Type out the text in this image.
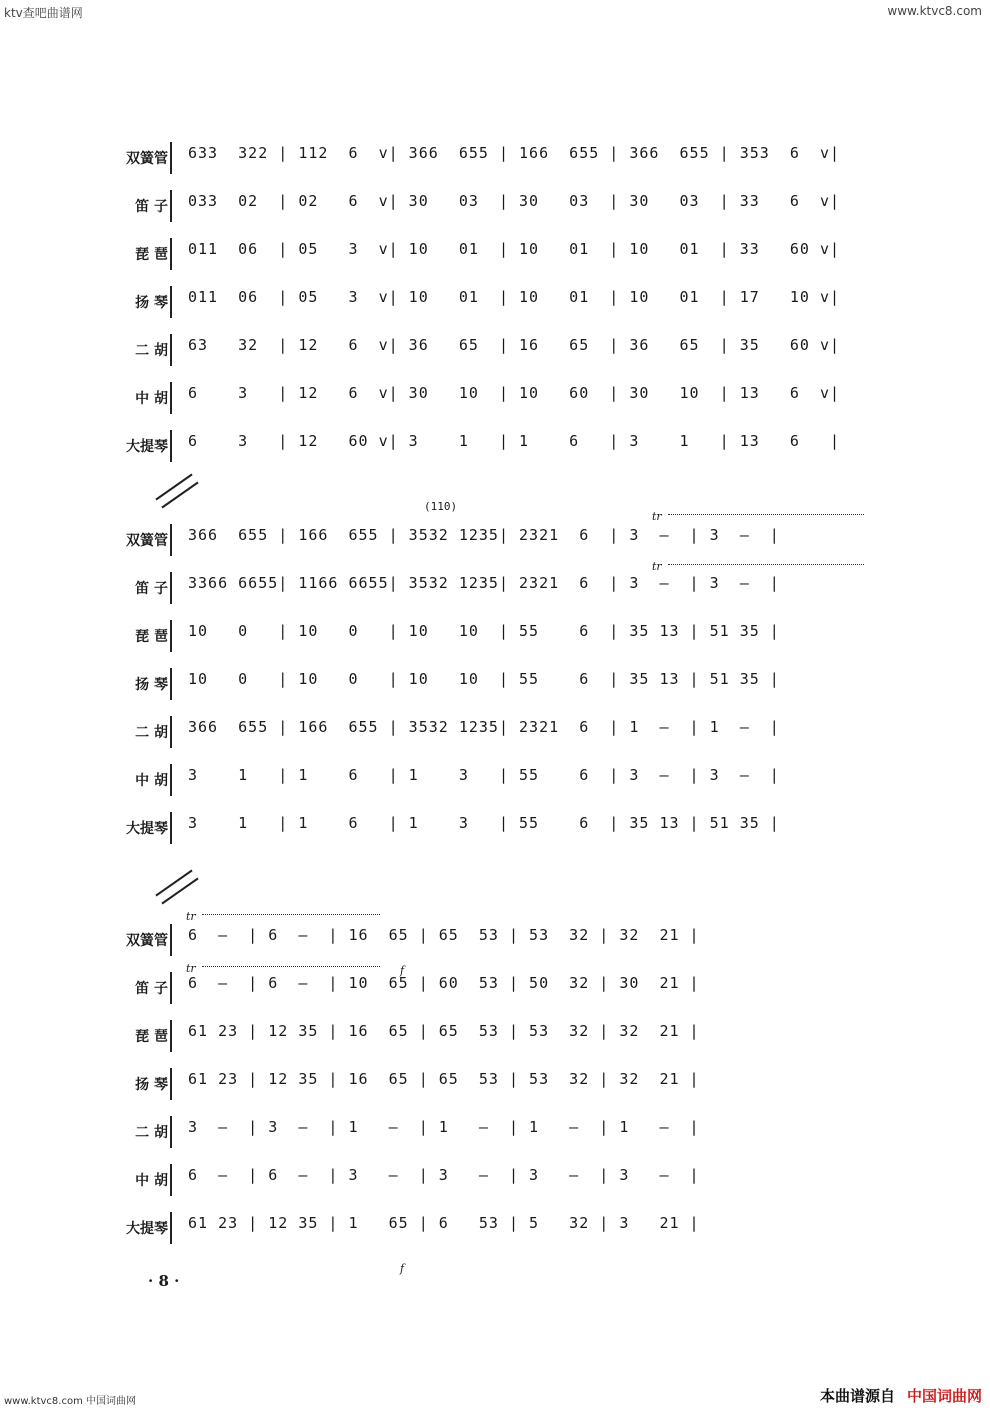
ktv查吧曲谱网	www.ktvc8.com
双簧管 633  322 | 112  6  v| 366  655 | 166  655 | 366  655 | 353  6  v|
笛 子 033  02  | 02   6  v| 30   03  | 30   03  | 30   03  | 33   6  v|
琵 琶 011  06  | 05   3  v| 10   01  | 10   01  | 10   01  | 33   60 v|
扬 琴 011  06  | 05   3  v| 10   01  | 10   01  | 10   01  | 17   10 v|
二 胡 63   32  | 12   6  v| 36   65  | 16   65  | 36   65  | 35   60 v|
中 胡 6    3   | 12   6  v| 30   10  | 10   60  | 30   10  | 13   6  v|
大提琴 6    3   | 12   60 v| 3    1   | 1    6   | 3    1   | 13   6   |
双簧管 366  655 | 166  655 | 3532 1235| 2321  6  | 3  —  | 3  —  |
笛 子 3366 6655| 1166 6655| 3532 1235| 2321  6  | 3  —  | 3  —  |
琵 琶 10   0   | 10   0   | 10   10  | 55    6  | 35 13 | 51 35 |
扬 琴 10   0   | 10   0   | 10   10  | 55    6  | 35 13 | 51 35 |
二 胡 366  655 | 166  655 | 3532 1235| 2321  6  | 1  —  | 1  —  |
中 胡 3    1   | 1    6   | 1    3   | 55    6  | 3  —  | 3  —  |
大提琴 3    1   | 1    6   | 1    3   | 55    6  | 35 13 | 51 35 |
双簧管 6  —  | 6  —  | 16  65 | 65  53 | 53  32 | 32  21 |
笛 子 6  —  | 6  —  | 10  65 | 60  53 | 50  32 | 30  21 |
琵 琶 61 23 | 12 35 | 16  65 | 65  53 | 53  32 | 32  21 |
扬 琴 61 23 | 12 35 | 16  65 | 65  53 | 53  32 | 32  21 |
二 胡 3  —  | 3  —  | 1   —  | 1   —  | 1   —  | 1   —  |
中 胡 6  —  | 6  —  | 3   —  | 3   —  | 3   —  | 3   —  |
大提琴 61 23 | 12 35 | 1   65 | 6   53 | 5   32 | 3   21 |
(110)
tr
tr
tr
tr	f
f
· 8 ·
www.ktvc8.com 中国词曲网	本曲谱源自 中国词曲网
